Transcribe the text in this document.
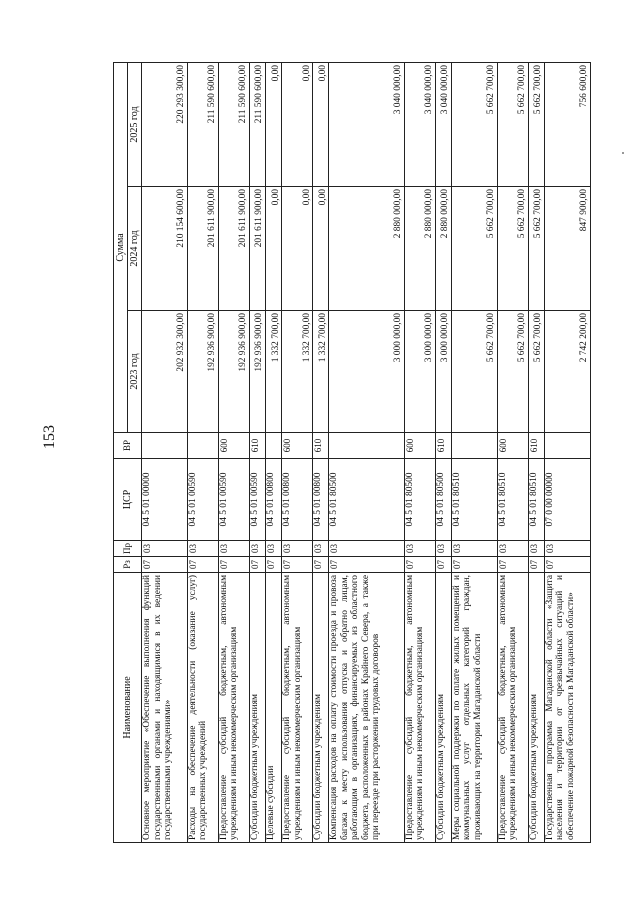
153
Наименование	Рз	Пр	ЦСР	ВР	Сумма		
					2023 год	2024 год	2025 год
Основное мероприятие «Обеспечение выполнения функций государственными органами и находящимися в их ведении государственными учреждениями»	07	03	04 5 01 00000		202 932 300,00	210 154 600,00	220 293 300,00
Расходы на обеспечение деятельности (оказание услуг) государственных учреждений	07	03	04 5 01 00590		192 936 900,00	201 611 900,00	211 590 600,00
Предоставление субсидий бюджетным, автономным учреждениям и иным некоммерческим организациям	07	03	04 5 01 00590	600	192 936 900,00	201 611 900,00	211 590 600,00
Субсидии бюджетным учреждениям	07	03	04 5 01 00590	610	192 936 900,00	201 611 900,00	211 590 600,00
Целевые субсидии	07	03	04 5 01 00800		1 332 700,00	0,00	0,00
Предоставление субсидий бюджетным, автономным учреждениям и иным некоммерческим организациям	07	03	04 5 01 00800	600	1 332 700,00	0,00	0,00
Субсидии бюджетным учреждениям	07	03	04 5 01 00800	610	1 332 700,00	0,00	0,00
Компенсация расходов на оплату стоимости проезда и провоза багажа к месту использования отпуска и обратно лицам, работающим в организациях, финансируемых из областного бюджета, расположенных в районах Крайнего Севера, а также при переезде при расторжении трудовых договоров	07	03	04 5 01 80500		3 000 000,00	2 880 000,00	3 040 000,00
Предоставление субсидий бюджетным, автономным учреждениям и иным некоммерческим организациям	07	03	04 5 01 80500	600	3 000 000,00	2 880 000,00	3 040 000,00
Субсидии бюджетным учреждениям	07	03	04 5 01 80500	610	3 000 000,00	2 880 000,00	3 040 000,00
Меры социальной поддержки по оплате жилых помещений и коммунальных услуг отдельных категорий граждан, проживающих на территории Магаданской области	07	03	04 5 01 80510		5 662 700,00	5 662 700,00	5 662 700,00
Предоставление субсидий бюджетным, автономным учреждениям и иным некоммерческим организациям	07	03	04 5 01 80510	600	5 662 700,00	5 662 700,00	5 662 700,00
Субсидии бюджетным учреждениям	07	03	04 5 01 80510	610	5 662 700,00	5 662 700,00	5 662 700,00
Государственная программа Магаданской области «Защита населения и территории от чрезвычайных ситуаций и обеспечение пожарной безопасности в Магаданской области»	07	03	07 0 00 00000		2 742 200,00	847 900,00	756 600,00
